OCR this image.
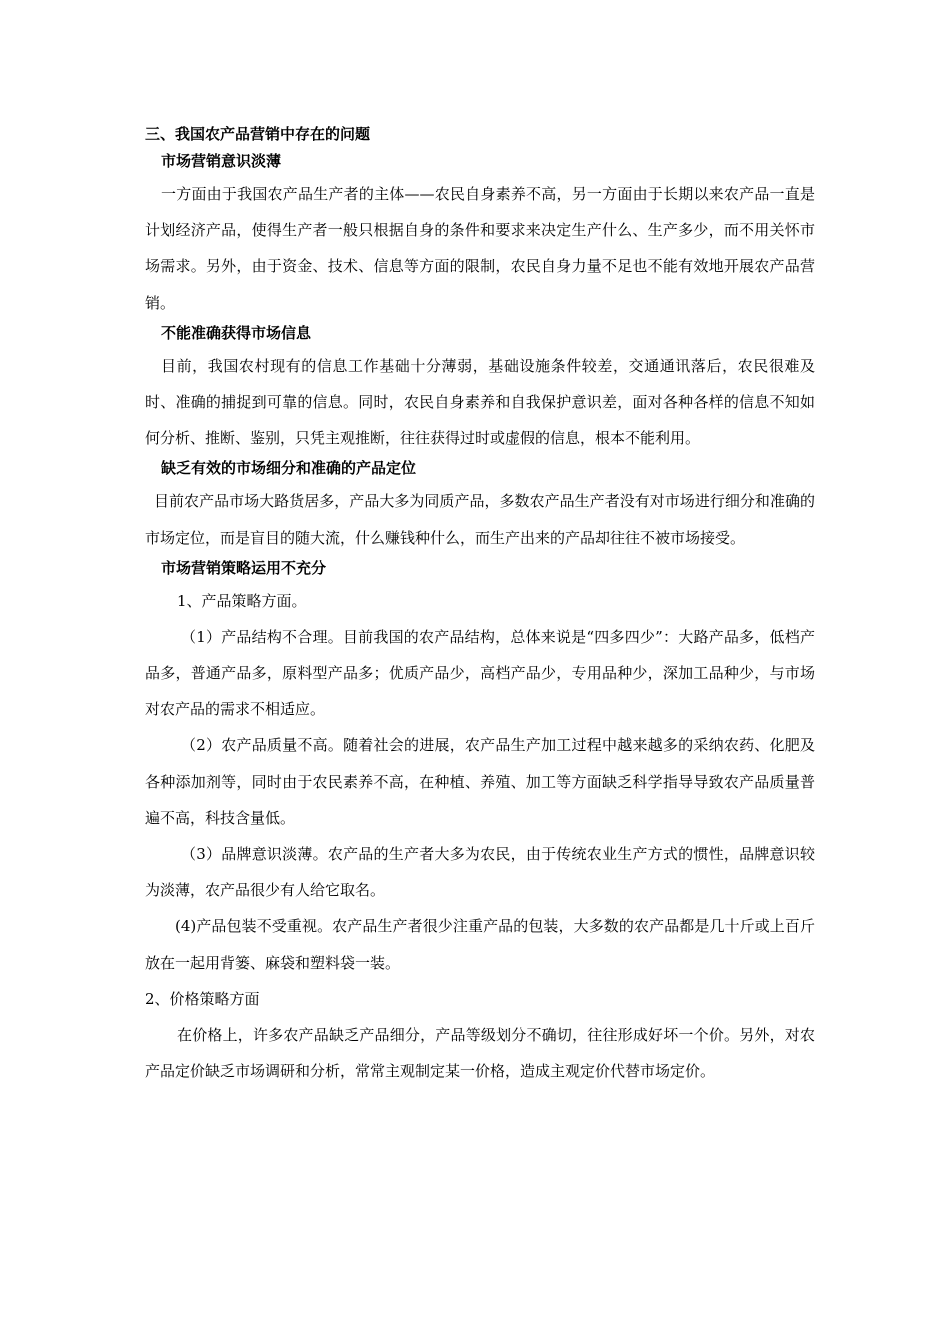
三、我国农产品营销中存在的问题

市场营销意识淡薄

一方面由于我国农产品生产者的主体——农民自身素养不高，另一方面由于长期以来农产品一直是计划经济产品，使得生产者一般只根据自身的条件和要求来决定生产什么、生产多少，而不用关怀市场需求。另外，由于资金、技术、信息等方面的限制，农民自身力量不足也不能有效地开展农产品营销。

不能准确获得市场信息

目前，我国农村现有的信息工作基础十分薄弱，基础设施条件较差，交通通讯落后，农民很难及时、准确的捕捉到可靠的信息。同时，农民自身素养和自我保护意识差，面对各种各样的信息不知如何分析、推断、鉴别，只凭主观推断，往往获得过时或虚假的信息，根本不能利用。

缺乏有效的市场细分和准确的产品定位

目前农产品市场大路货居多，产品大多为同质产品，多数农产品生产者没有对市场进行细分和准确的市场定位，而是盲目的随大流，什么赚钱种什么，而生产出来的产品却往往不被市场接受。

市场营销策略运用不充分

1、产品策略方面。

（1）产品结构不合理。目前我国的农产品结构，总体来说是“四多四少”：大路产品多，低档产品多，普通产品多，原料型产品多；优质产品少，高档产品少，专用品种少，深加工品种少，与市场对农产品的需求不相适应。

（2）农产品质量不高。随着社会的进展，农产品生产加工过程中越来越多的采纳农药、化肥及各种添加剂等，同时由于农民素养不高，在种植、养殖、加工等方面缺乏科学指导导致农产品质量普遍不高，科技含量低。

（3）品牌意识淡薄。农产品的生产者大多为农民，由于传统农业生产方式的惯性，品牌意识较为淡薄，农产品很少有人给它取名。

(4)产品包装不受重视。农产品生产者很少注重产品的包装，大多数的农产品都是几十斤或上百斤放在一起用背篓、麻袋和塑料袋一装。

2、价格策略方面

在价格上，许多农产品缺乏产品细分，产品等级划分不确切，往往形成好坏一个价。另外，对农产品定价缺乏市场调研和分析，常常主观制定某一价格，造成主观定价代替市场定价。
